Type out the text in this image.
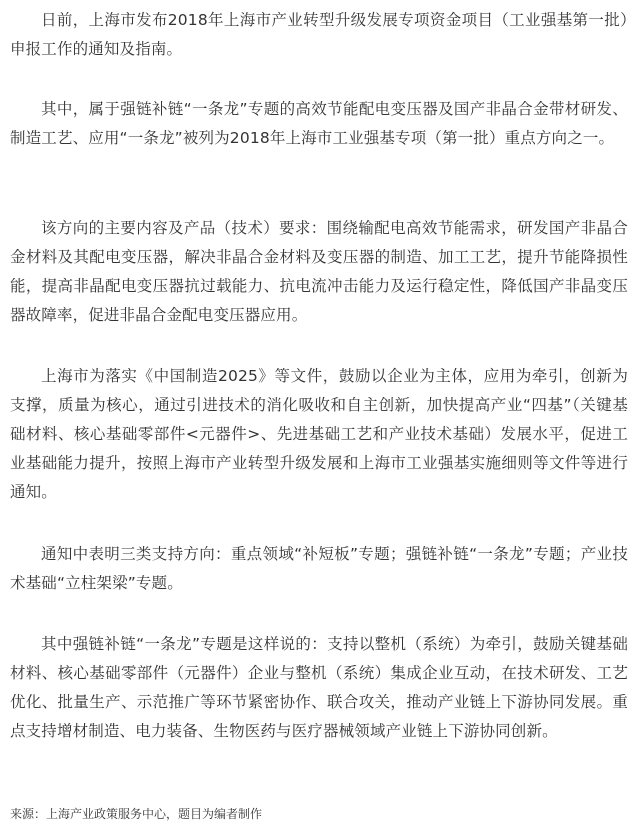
日前，上海市发布2018年上海市产业转型升级发展专项资金项目（工业强基第一批）申报工作的通知及指南。

其中，属于强链补链“一条龙”专题的高效节能配电变压器及国产非晶合金带材研发、制造工艺、应用“一条龙”被列为2018年上海市工业强基专项（第一批）重点方向之一。

该方向的主要内容及产品（技术）要求：围绕输配电高效节能需求，研发国产非晶合金材料及其配电变压器，解决非晶合金材料及变压器的制造、加工工艺，提升节能降损性能，提高非晶配电变压器抗过载能力、抗电流冲击能力及运行稳定性，降低国产非晶变压器故障率，促进非晶合金配电变压器应用。

上海市为落实《中国制造2025》等文件，鼓励以企业为主体，应用为牵引，创新为支撑，质量为核心，通过引进技术的消化吸收和自主创新，加快提高产业“四基”（关键基础材料、核心基础零部件<元器件>、先进基础工艺和产业技术基础）发展水平，促进工业基础能力提升，按照上海市产业转型升级发展和上海市工业强基实施细则等文件等进行通知。

通知中表明三类支持方向：重点领域“补短板”专题；强链补链“一条龙”专题；产业技术基础“立柱架梁”专题。

其中强链补链“一条龙”专题是这样说的：支持以整机（系统）为牵引，鼓励关键基础材料、核心基础零部件（元器件）企业与整机（系统）集成企业互动，在技术研发、工艺优化、批量生产、示范推广等环节紧密协作、联合攻关，推动产业链上下游协同发展。重点支持增材制造、电力装备、生物医药与医疗器械领域产业链上下游协同创新。

来源：上海产业政策服务中心，题目为编者制作
